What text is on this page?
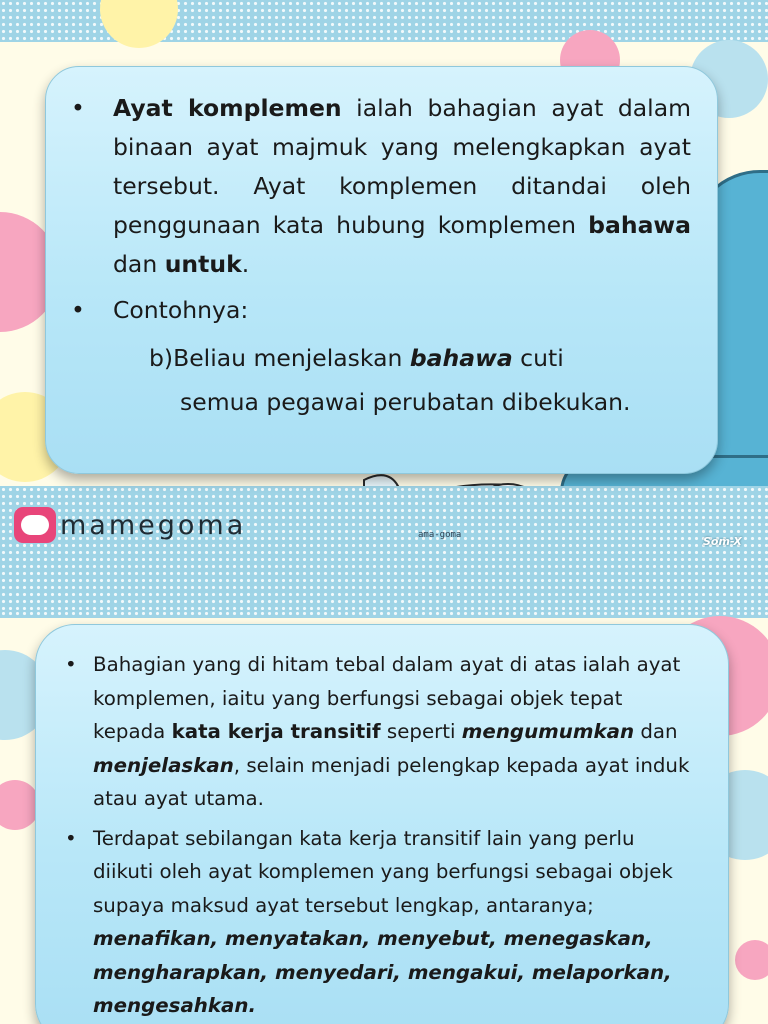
mamegoma	ama-goma	Som-X
• Ayat komplemen ialah bahagian ayat dalam binaan ayat majmuk yang melengkapkan ayat tersebut. Ayat komplemen ditandai oleh penggunaan kata hubung komplemen bahawa dan untuk.
• Contohnya:
b)Beliau menjelaskan bahawa cuti
semua pegawai perubatan dibekukan.
• Bahagian yang di hitam tebal dalam ayat di atas ialah ayat komplemen, iaitu yang berfungsi sebagai objek tepat kepada kata kerja transitif seperti mengumumkan dan menjelaskan, selain menjadi pelengkap kepada ayat induk atau ayat utama.
• Terdapat sebilangan kata kerja transitif lain yang perlu diikuti oleh ayat komplemen yang berfungsi sebagai objek supaya maksud ayat tersebut lengkap, antaranya; menafikan, menyatakan, menyebut, menegaskan, mengharapkan, menyedari, mengakui, melaporkan, mengesahkan.
